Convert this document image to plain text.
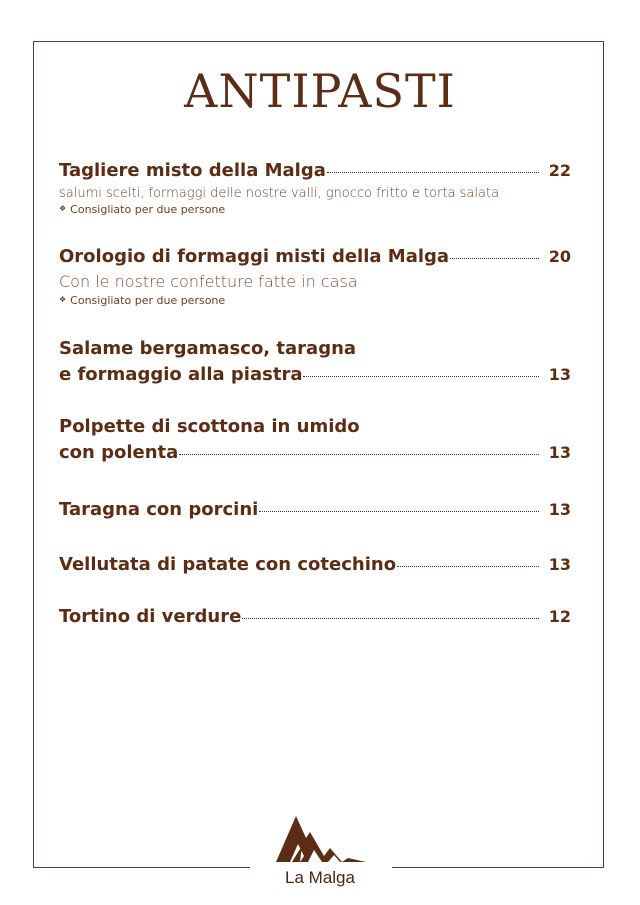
ANTIPASTI
Tagliere misto della Malga	22
salumi scelti, formaggi delle nostre valli, gnocco fritto e torta salata
❖ Consigliato per due persone
Orologio di formaggi misti della Malga	20
Con le nostre confetture fatte in casa
❖ Consigliato per due persone
Salame bergamasco, taragna
e formaggio alla piastra	13
Polpette di scottona in umido
con polenta	13
Taragna con porcini	13
Vellutata di patate con cotechino	13
Tortino di verdure	12
La Malga
